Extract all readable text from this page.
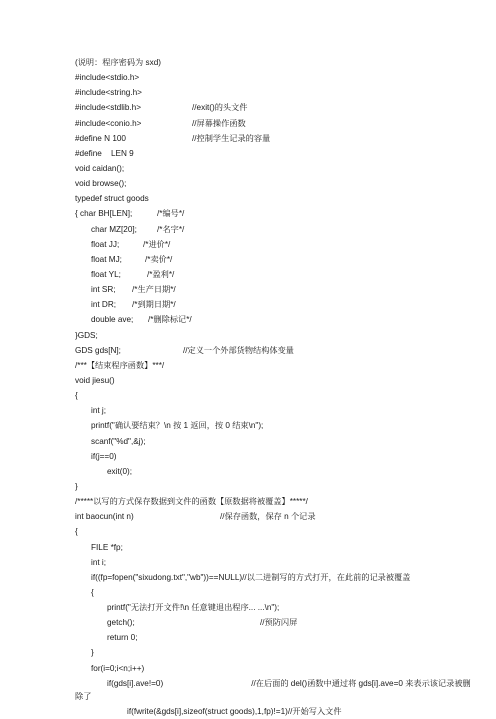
(说明：程序密码为 sxd)
#include<stdio.h>
#include<string.h>
#include<stdlib.h>	//exit()的头文件
#include<conio.h>	//屏幕操作函数
#define N 100	//控制学生记录的容量
#define    LEN 9
void caidan();
void browse();
typedef struct goods
{ char BH[LEN];	/*编号*/
char MZ[20]; /*名字*/
float JJ;	/*进价*/
float MJ;	/*卖价*/
float YL;	/*盈利*/
int SR; /*生产日期*/
int DR; /*到期日期*/
double ave; /*删除标记*/
}GDS;
GDS gds[N];	//定义一个外部货物结构体变量
/***【结束程序函数】***/
void jiesu()
{
int j;
printf("确认要结束？\n 按 1 返回，按 0 结束\n");
scanf("%d",&j);
if(j==0)
exit(0);
}
/*****以写的方式保存数据到文件的函数【原数据将被覆盖】*****/
int baocun(int n)	//保存函数，保存 n 个记录
{
FILE *fp;
int i;
if((fp=fopen("sixudong.txt","wb"))==NULL)//以二进制写的方式打开，在此前的记录被覆盖
{
printf("无法打开文件!\n 任意键退出程序... ...\n");
getch();	//预防闪屏
return 0;
}
for(i=0;i<n;i++)
if(gds[i].ave!=0)	//在后面的 del()函数中通过将 gds[i].ave=0 来表示该记录被删除了
if(fwrite(&gds[i],sizeof(struct goods),1,fp)!=1)//开始写入文件
